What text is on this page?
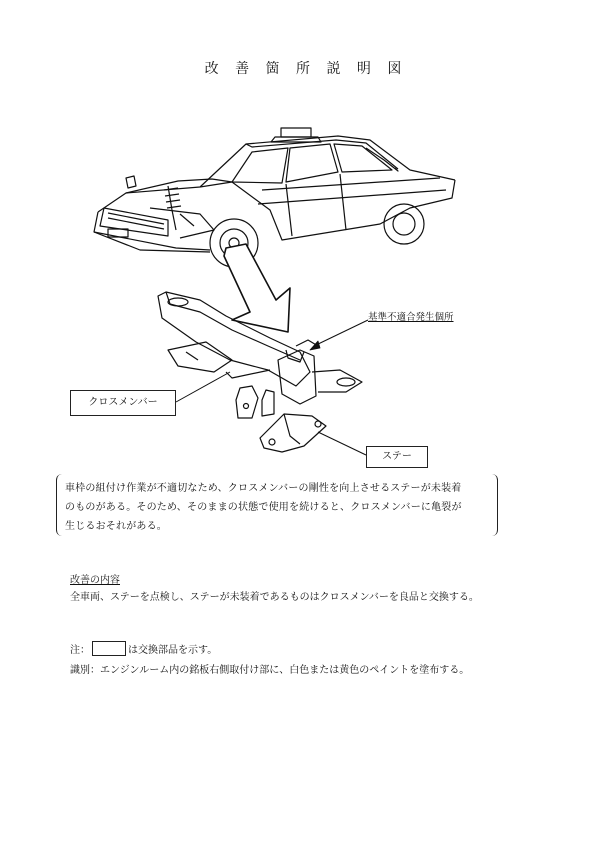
改 善 箇 所 説 明 図
クロスメンバー
ステー
基準不適合発生個所
車枠の組付け作業が不適切なため、クロスメンバーの剛性を向上させるステーが未装着
のものがある。そのため、そのままの状態で使用を続けると、クロスメンバーに亀裂が
生じるおそれがある。
改善の内容
全車両、ステーを点検し、ステーが未装着であるものはクロスメンバーを良品と交換する。
注：	は交換部品を示す。
識別：エンジンルーム内の銘板右側取付け部に、白色または黄色のペイントを塗布する。
